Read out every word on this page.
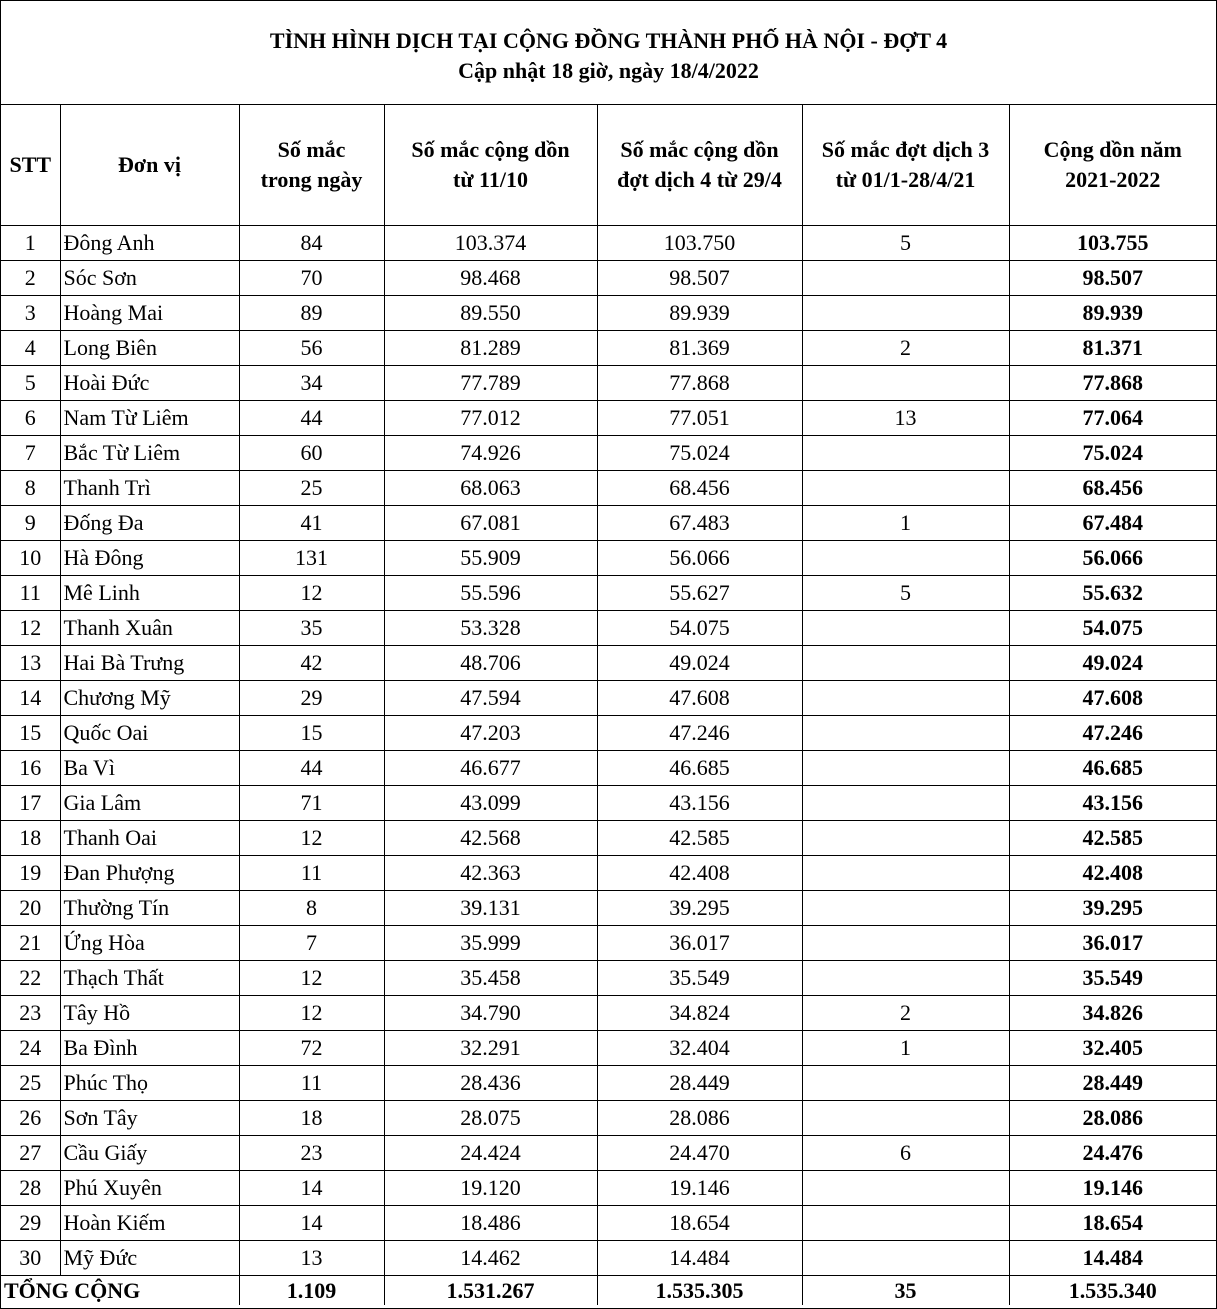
TÌNH HÌNH DỊCH TẠI CỘNG ĐỒNG THÀNH PHỐ HÀ NỘI - ĐỢT 4
Cập nhật 18 giờ, ngày 18/4/2022
STT	Đơn vị	Số mắc trong ngày	Số mắc cộng dồn từ 11/10	Số mắc cộng dồn đợt dịch 4 từ 29/4	Số mắc đợt dịch 3 từ 01/1-28/4/21	Cộng dồn năm 2021-2022
1	Đông Anh	84	103.374	103.750	5	103.755
2	Sóc Sơn	70	98.468	98.507		98.507
3	Hoàng Mai	89	89.550	89.939		89.939
4	Long Biên	56	81.289	81.369	2	81.371
5	Hoài Đức	34	77.789	77.868		77.868
6	Nam Từ Liêm	44	77.012	77.051	13	77.064
7	Bắc Từ Liêm	60	74.926	75.024		75.024
8	Thanh Trì	25	68.063	68.456		68.456
9	Đống Đa	41	67.081	67.483	1	67.484
10	Hà Đông	131	55.909	56.066		56.066
11	Mê Linh	12	55.596	55.627	5	55.632
12	Thanh Xuân	35	53.328	54.075		54.075
13	Hai Bà Trưng	42	48.706	49.024		49.024
14	Chương Mỹ	29	47.594	47.608		47.608
15	Quốc Oai	15	47.203	47.246		47.246
16	Ba Vì	44	46.677	46.685		46.685
17	Gia Lâm	71	43.099	43.156		43.156
18	Thanh Oai	12	42.568	42.585		42.585
19	Đan Phượng	11	42.363	42.408		42.408
20	Thường Tín	8	39.131	39.295		39.295
21	Ứng Hòa	7	35.999	36.017		36.017
22	Thạch Thất	12	35.458	35.549		35.549
23	Tây Hồ	12	34.790	34.824	2	34.826
24	Ba Đình	72	32.291	32.404	1	32.405
25	Phúc Thọ	11	28.436	28.449		28.449
26	Sơn Tây	18	28.075	28.086		28.086
27	Cầu Giấy	23	24.424	24.470	6	24.476
28	Phú Xuyên	14	19.120	19.146		19.146
29	Hoàn Kiếm	14	18.486	18.654		18.654
30	Mỹ Đức	13	14.462	14.484		14.484
TỔNG CỘNG		1.109	1.531.267	1.535.305	35	1.535.340
